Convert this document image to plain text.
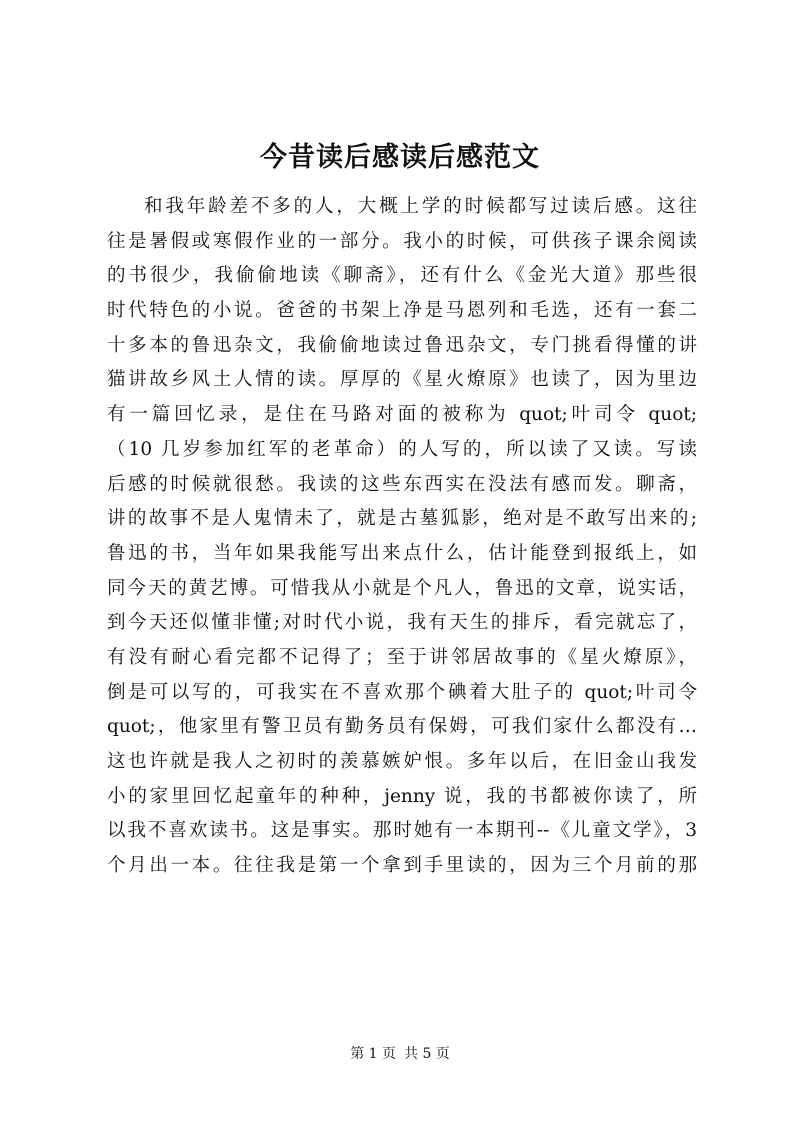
今昔读后感读后感范文
和我年龄差不多的人，大概上学的时候都写过读后感。这往
往是暑假或寒假作业的一部分。我小的时候，可供孩子课余阅读
的书很少，我偷偷地读《聊斋》，还有什么《金光大道》那些很
时代特色的小说。爸爸的书架上净是马恩列和毛选，还有一套二
十多本的鲁迅杂文，我偷偷地读过鲁迅杂文，专门挑看得懂的讲
猫讲故乡风土人情的读。厚厚的《星火燎原》也读了，因为里边
有一篇回忆录，是住在马路对面的被称为 quot;叶司令 quot;
（10 几岁参加红军的老革命）的人写的，所以读了又读。写读
后感的时候就很愁。我读的这些东西实在没法有感而发。聊斋，
讲的故事不是人鬼情未了，就是古墓狐影，绝对是不敢写出来的;
鲁迅的书，当年如果我能写出来点什么，估计能登到报纸上，如
同今天的黄艺博。可惜我从小就是个凡人，鲁迅的文章，说实话，
到今天还似懂非懂;对时代小说，我有天生的排斥，看完就忘了，
有没有耐心看完都不记得了；至于讲邻居故事的《星火燎原》，
倒是可以写的，可我实在不喜欢那个碘着大肚子的 quot;叶司令
quot;，他家里有警卫员有勤务员有保姆，可我们家什么都没有…
这也许就是我人之初时的羡慕嫉妒恨。多年以后，在旧金山我发
小的家里回忆起童年的种种，jenny 说，我的书都被你读了，所
以我不喜欢读书。这是事实。那时她有一本期刊--《儿童文学》，3
个月出一本。往往我是第一个拿到手里读的，因为三个月前的那
第 1 页 共 5 页
